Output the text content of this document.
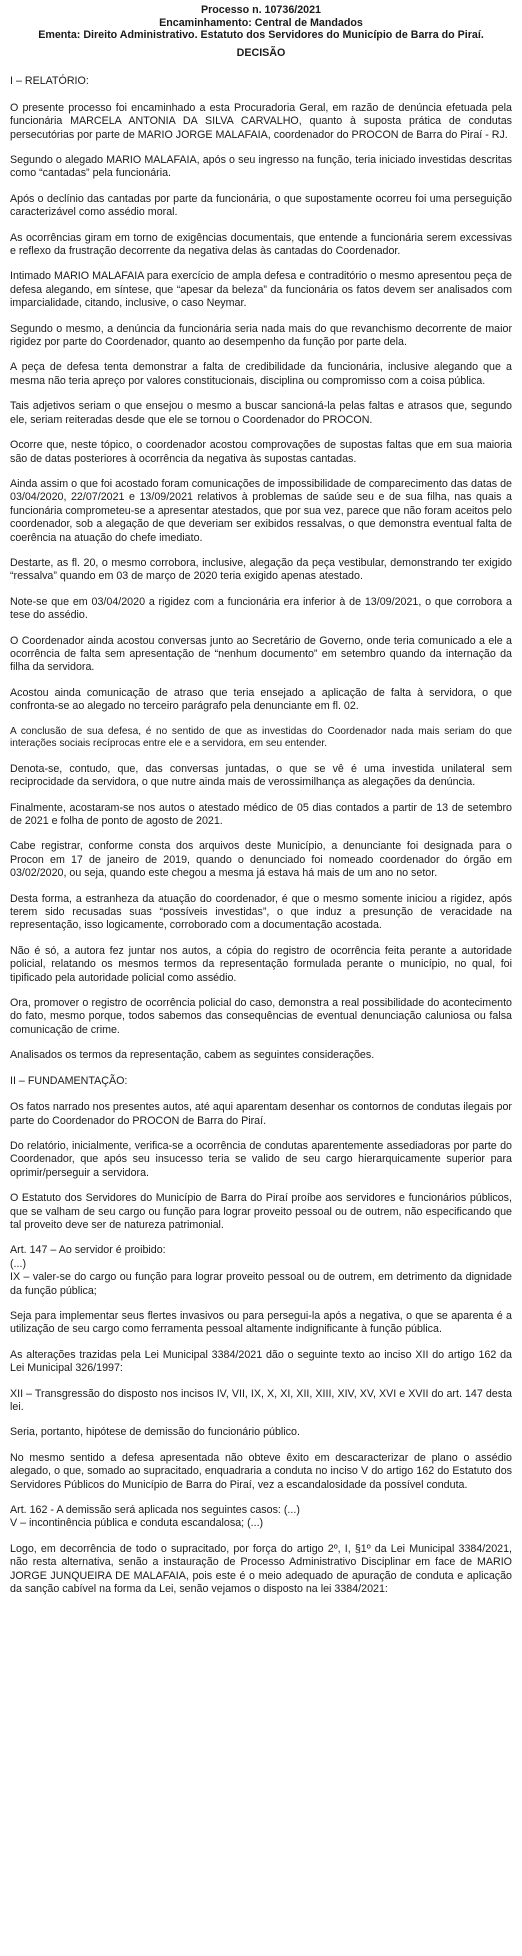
Processo n. 10736/2021
Encaminhamento: Central de Mandados
Ementa: Direito Administrativo. Estatuto dos Servidores do Município de Barra do Piraí.
DECISÃO
I – RELATÓRIO:

O presente processo foi encaminhado a esta Procuradoria Geral, em razão de denúncia efetuada pela funcionária MARCELA ANTONIA DA SILVA CARVALHO, quanto à suposta prática de condutas persecutórias por parte de MARIO JORGE MALAFAIA, coordenador do PROCON de Barra do Piraí - RJ.

Segundo o alegado MARIO MALAFAIA, após o seu ingresso na função, teria iniciado investidas descritas como “cantadas” pela funcionária.

Após o declínio das cantadas por parte da funcionária, o que supostamente ocorreu foi uma perseguição caracterizável como assédio moral.

As ocorrências giram em torno de exigências documentais, que entende a funcionária serem excessivas e reflexo da frustração decorrente da negativa delas às cantadas do Coordenador.

Intimado MARIO MALAFAIA para exercício de ampla defesa e contraditório o mesmo apresentou peça de defesa alegando, em síntese, que “apesar da beleza” da funcionária os fatos devem ser analisados com imparcialidade, citando, inclusive, o caso Neymar.

Segundo o mesmo, a denúncia da funcionária seria nada mais do que revanchismo decorrente de maior rigidez por parte do Coordenador, quanto ao desempenho da função por parte dela.

A peça de defesa tenta demonstrar a falta de credibilidade da funcionária, inclusive alegando que a mesma não teria apreço por valores constitucionais, disciplina ou compromisso com a coisa pública.

Tais adjetivos seriam o que ensejou o mesmo a buscar sancioná-la pelas faltas e atrasos que, segundo ele, seriam reiteradas desde que ele se tornou o Coordenador do PROCON.

Ocorre que, neste tópico, o coordenador acostou comprovações de supostas faltas que em sua maioria são de datas posteriores à ocorrência da negativa às supostas cantadas.

Ainda assim o que foi acostado foram comunicações de impossibilidade de comparecimento das datas de 03/04/2020, 22/07/2021 e 13/09/2021 relativos à problemas de saúde seu e de sua filha, nas quais a funcionária comprometeu-se a apresentar atestados, que por sua vez, parece que não foram aceitos pelo coordenador, sob a alegação de que deveriam ser exibidos ressalvas, o que demonstra eventual falta de coerência na atuação do chefe imediato.

Destarte, as fl. 20, o mesmo corrobora, inclusive, alegação da peça vestibular, demonstrando ter exigido “ressalva” quando em 03 de março de 2020 teria exigido apenas atestado.

Note-se que em 03/04/2020 a rigidez com a funcionária era inferior à de 13/09/2021, o que corrobora a tese do assédio.

O Coordenador ainda acostou conversas junto ao Secretário de Governo, onde teria comunicado a ele a ocorrência de falta sem apresentação de “nenhum documento” em setembro quando da internação da filha da servidora.

Acostou ainda comunicação de atraso que teria ensejado a aplicação de falta à servidora, o que confronta-se ao alegado no terceiro parágrafo pela denunciante em fl. 02.

A conclusão de sua defesa, é no sentido de que as investidas do Coordenador nada mais seriam do que interações sociais recíprocas entre ele e a servidora, em seu entender.

Denota-se, contudo, que, das conversas juntadas, o que se vê é uma investida unilateral sem reciprocidade da servidora, o que nutre ainda mais de verossimilhança as alegações da denúncia.

Finalmente, acostaram-se nos autos o atestado médico de 05 dias contados a partir de 13 de setembro de 2021 e folha de ponto de agosto de 2021.

Cabe registrar, conforme consta dos arquivos deste Município, a denunciante foi designada para o Procon em 17 de janeiro de 2019, quando o denunciado foi nomeado coordenador do órgão em 03/02/2020, ou seja, quando este chegou a mesma já estava há mais de um ano no setor.

Desta forma, a estranheza da atuação do coordenador, é que o mesmo somente iniciou a rigidez, após terem sido recusadas suas “possíveis investidas”, o que induz a presunção de veracidade na representação, isso logicamente, corroborado com a documentação acostada.

Não é só, a autora fez juntar nos autos, a cópia do registro de ocorrência feita perante a autoridade policial, relatando os mesmos termos da representação formulada perante o município, no qual, foi tipificado pela autoridade policial como assédio.

Ora, promover o registro de ocorrência policial do caso, demonstra a real possibilidade do acontecimento do fato, mesmo porque, todos sabemos das consequências de eventual denunciação caluniosa ou falsa comunicação de crime.

Analisados os termos da representação, cabem as seguintes considerações.

II – FUNDAMENTAÇÃO:

Os fatos narrado nos presentes autos, até aqui aparentam desenhar os contornos de condutas ilegais por parte do Coordenador do PROCON de Barra do Piraí.

Do relatório, inicialmente, verifica-se a ocorrência de condutas aparentemente assediadoras por parte do Coordenador, que após seu insucesso teria se valido de seu cargo hierarquicamente superior para oprimir/perseguir a servidora.

O Estatuto dos Servidores do Município de Barra do Piraí proíbe aos servidores e funcionários públicos, que se valham de seu cargo ou função para lograr proveito pessoal ou de outrem, não especificando que tal proveito deve ser de natureza patrimonial.

Art. 147 – Ao servidor é proibido:
(...)
IX – valer-se do cargo ou função para lograr proveito pessoal ou de outrem, em detrimento da dignidade da função pública;

Seja para implementar seus flertes invasivos ou para persegui-la após a negativa, o que se aparenta é a utilização de seu cargo como ferramenta pessoal altamente indignificante à função pública.

As alterações trazidas pela Lei Municipal 3384/2021 dão o seguinte texto ao inciso XII do artigo 162 da Lei Municipal 326/1997:

XII – Transgressão do disposto nos incisos IV, VII, IX, X, XI, XII, XIII, XIV, XV, XVI e XVII do art. 147 desta lei.

Seria, portanto, hipótese de demissão do funcionário público.

No mesmo sentido a defesa apresentada não obteve êxito em descaracterizar de plano o assédio alegado, o que, somado ao supracitado, enquadraria a conduta no inciso V do artigo 162 do Estatuto dos Servidores Públicos do Município de Barra do Piraí, vez a escandalosidade da possível conduta.

Art. 162 - A demissão será aplicada nos seguintes casos: (...)
V – incontinência pública e conduta escandalosa; (...)

Logo, em decorrência de todo o supracitado, por força do artigo 2º, I, §1º da Lei Municipal 3384/2021, não resta alternativa, senão a instauração de Processo Administrativo Disciplinar em face de MARIO JORGE JUNQUEIRA DE MALAFAIA, pois este é o meio adequado de apuração de conduta e aplicação da sanção cabível na forma da Lei, senão vejamos o disposto na lei 3384/2021:
